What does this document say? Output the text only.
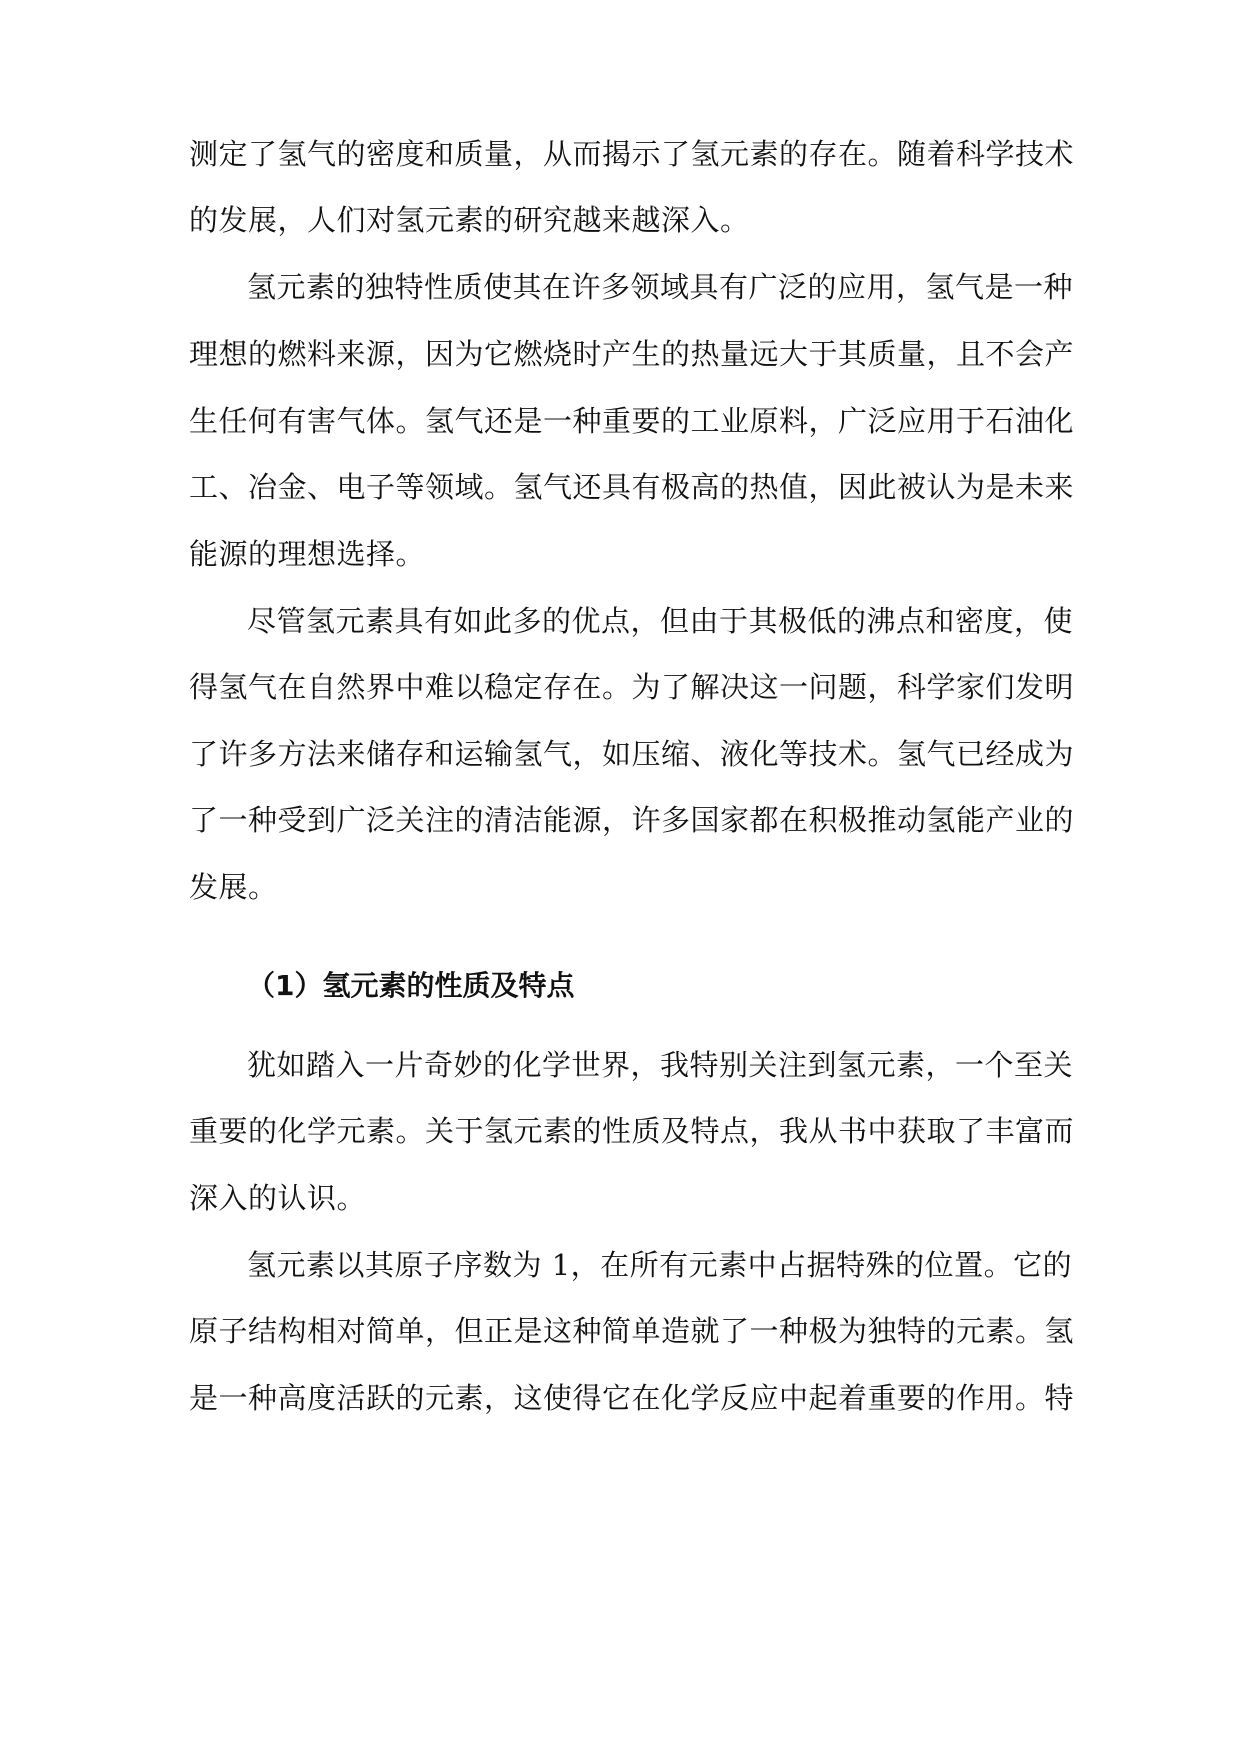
测定了氢气的密度和质量，从而揭示了氢元素的存在。随着科学技术
的发展，人们对氢元素的研究越来越深入。
氢元素的独特性质使其在许多领域具有广泛的应用，氢气是一种
理想的燃料来源，因为它燃烧时产生的热量远大于其质量，且不会产
生任何有害气体。氢气还是一种重要的工业原料，广泛应用于石油化
工、冶金、电子等领域。氢气还具有极高的热值，因此被认为是未来
能源的理想选择。
尽管氢元素具有如此多的优点，但由于其极低的沸点和密度，使
得氢气在自然界中难以稳定存在。为了解决这一问题，科学家们发明
了许多方法来储存和运输氢气，如压缩、液化等技术。氢气已经成为
了一种受到广泛关注的清洁能源，许多国家都在积极推动氢能产业的
发展。
（1）氢元素的性质及特点
犹如踏入一片奇妙的化学世界，我特别关注到氢元素，一个至关
重要的化学元素。关于氢元素的性质及特点，我从书中获取了丰富而
深入的认识。
氢元素以其原子序数为 1，在所有元素中占据特殊的位置。它的
原子结构相对简单，但正是这种简单造就了一种极为独特的元素。氢
是一种高度活跃的元素，这使得它在化学反应中起着重要的作用。特
